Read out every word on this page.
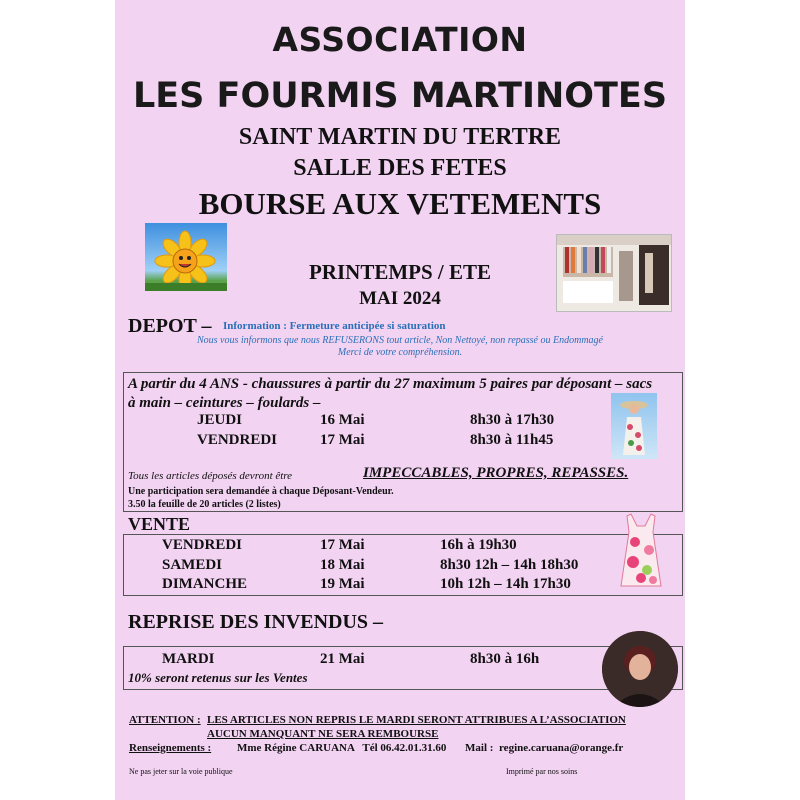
ASSOCIATION
LES FOURMIS MARTINOTES
SAINT MARTIN DU TERTRE
SALLE DES FETES
BOURSE AUX VETEMENTS
PRINTEMPS / ETE
MAI 2024
DEPOT – Information : Fermeture anticipée si saturation
Nous vous informons que nous REFUSERONS tout article, Non Nettoyé, non repassé ou Endommagé
Merci de votre compréhension.
A partir du 4 ANS - chaussures à partir du 27 maximum 5 paires par déposant – sacs à main – ceintures – foulards –
JEUDI	16 Mai	8h30 à 17h30
VENDREDI	17 Mai	8h30 à 11h45
Tous les articles déposés devront être	IMPECCABLES, PROPRES, REPASSES.
Une participation sera demandée à chaque Déposant-Vendeur.
3.50 la feuille de 20 articles (2 listes)
VENTE
VENDREDI	17 Mai	16h à 19h30
SAMEDI	18 Mai	8h30 12h – 14h 18h30
DIMANCHE	19 Mai	10h 12h – 14h 17h30
REPRISE DES INVENDUS –
MARDI	21 Mai	8h30 à 16h
10% seront retenus sur les Ventes
ATTENTION : LES ARTICLES NON REPRIS LE MARDI SERONT ATTRIBUES A L’ASSOCIATION
AUCUN MANQUANT NE SERA REMBOURSE
Renseignements : Mme Régine CARUANA   Tél 06.42.01.31.60 Mail : regine.caruana@orange.fr
Ne pas jeter sur la voie publique	Imprimé par nos soins
